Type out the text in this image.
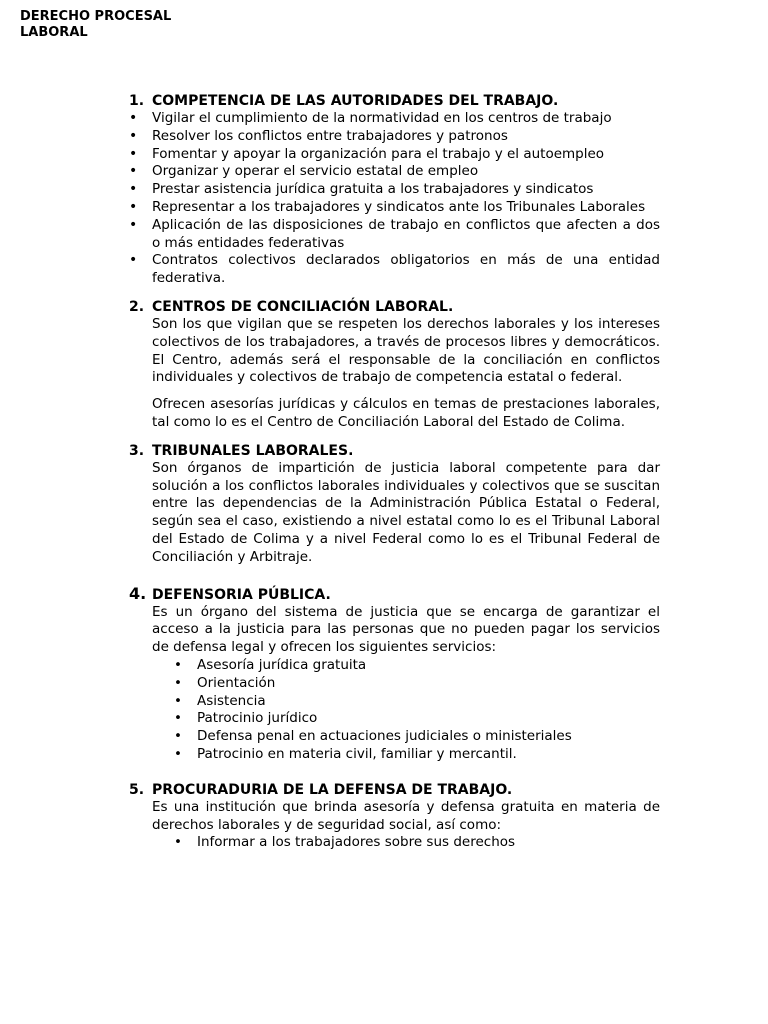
DERECHO PROCESAL
LABORAL
1. COMPETENCIA DE LAS AUTORIDADES DEL TRABAJO.
• Vigilar el cumplimiento de la normatividad en los centros de trabajo
• Resolver los conflictos entre trabajadores y patronos
• Fomentar y apoyar la organización para el trabajo y el autoempleo
• Organizar y operar el servicio estatal de empleo
• Prestar asistencia jurídica gratuita a los trabajadores y sindicatos
• Representar a los trabajadores y sindicatos ante los Tribunales Laborales
• Aplicación de las disposiciones de trabajo en conflictos que afecten a dos o más entidades federativas
• Contratos colectivos declarados obligatorios en más de una entidad federativa.
2. CENTROS DE CONCILIACIÓN LABORAL.

Son los que vigilan que se respeten los derechos laborales y los intereses colectivos de los trabajadores, a través de procesos libres y democráticos. El Centro, además será el responsable de la conciliación en conflictos individuales y colectivos de trabajo de competencia estatal o federal.

Ofrecen asesorías jurídicas y cálculos en temas de prestaciones laborales, tal como lo es el Centro de Conciliación Laboral del Estado de Colima.

3. TRIBUNALES LABORALES.

Son órganos de impartición de justicia laboral competente para dar solución a los conflictos laborales individuales y colectivos que se suscitan entre las dependencias de la Administración Pública Estatal o Federal, según sea el caso, existiendo a nivel estatal como lo es el Tribunal Laboral del Estado de Colima y a nivel Federal como lo es el Tribunal Federal de Conciliación y Arbitraje.

4. DEFENSORIA PÚBLICA.

Es un órgano del sistema de justicia que se encarga de garantizar el acceso a la justicia para las personas que no pueden pagar los servicios de defensa legal y ofrecen los siguientes servicios:

• Asesoría jurídica gratuita
• Orientación
• Asistencia
• Patrocinio jurídico
• Defensa penal en actuaciones judiciales o ministeriales
• Patrocinio en materia civil, familiar y mercantil.
5. PROCURADURIA DE LA DEFENSA DE TRABAJO.

Es una institución que brinda asesoría y defensa gratuita en materia de derechos laborales y de seguridad social, así como:

• Informar a los trabajadores sobre sus derechos
